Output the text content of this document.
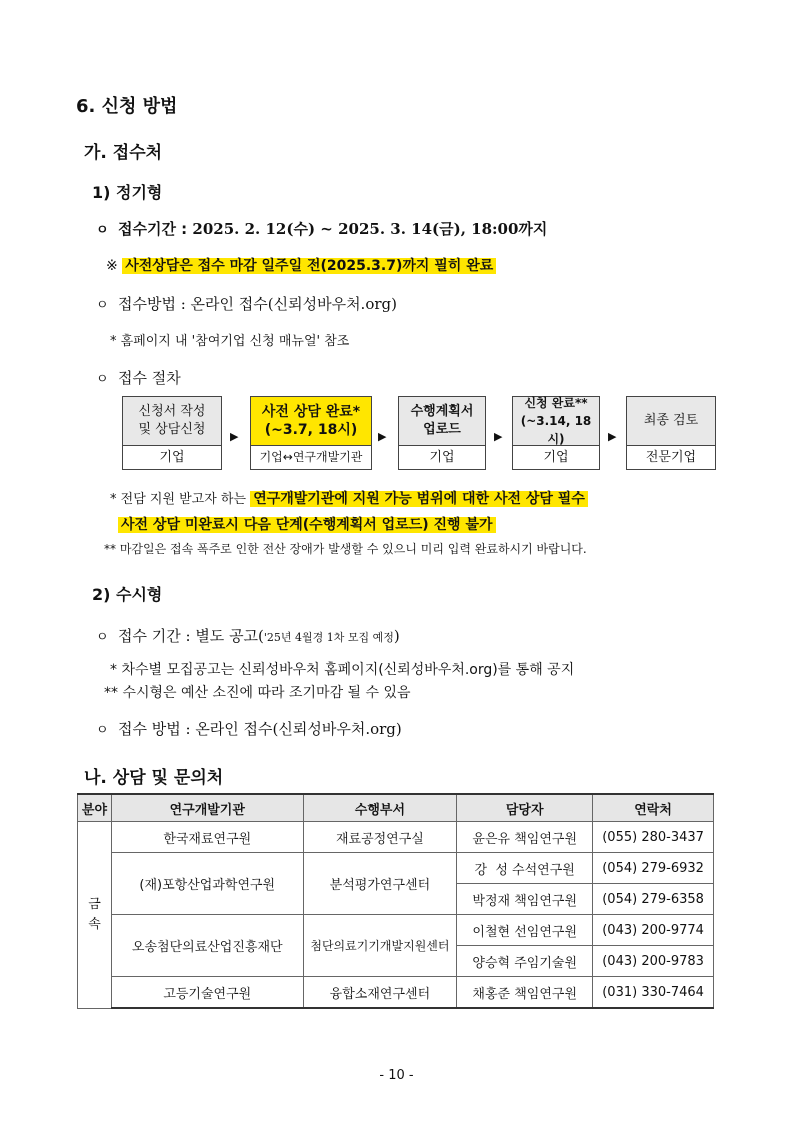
6. 신청 방법
가. 접수처
1) 정기형
ㅇ 접수기간 : 2025. 2. 12(수) ~ 2025. 3. 14(금), 18:00까지
※ 사전상담은 접수 마감 일주일 전(2025.3.7)까지 필히 완료
ㅇ 접수방법 : 온라인 접수(신뢰성바우처.org)
* 홈페이지 내 '참여기업 신청 매뉴얼' 참조
ㅇ 접수 절차
신청서 작성
및 상담신청
기업
▶
사전 상담 완료*
(~3.7, 18시)
기업↔연구개발기관
▶
수행계획서
업로드
기업
▶
신청 완료**
(~3.14, 18시)
기업
▶
최종 검토
전문기업
* 전담 지원 받고자 하는 연구개발기관에 지원 가능 범위에 대한 사전 상담 필수
사전 상담 미완료시 다음 단계(수행계획서 업로드) 진행 불가
** 마감일은 접속 폭주로 인한 전산 장애가 발생할 수 있으니 미리 입력 완료하시기 바랍니다.
2) 수시형
ㅇ 접수 기간 : 별도 공고('25년 4월경 1차 모집 예정)
* 차수별 모집공고는 신뢰성바우처 홈페이지(신뢰성바우처.org)를 통해 공지
** 수시형은 예산 소진에 따라 조기마감 될 수 있음
ㅇ 접수 방법 : 온라인 접수(신뢰성바우처.org)
나. 상담 및 문의처
분야	연구개발기관	수행부서	담당자	연락처
금
속	한국재료연구원	재료공정연구실	윤은유 책임연구원	(055) 280-3437
	(재)포항산업과학연구원	분석평가연구센터	강  성 수석연구원	(054) 279-6932
			박정재 책임연구원	(054) 279-6358
	오송첨단의료산업진흥재단	첨단의료기기개발지원센터	이철현 선임연구원	(043) 200-9774
			양승혁 주임기술원	(043) 200-9783
	고등기술연구원	융합소재연구센터	채홍준 책임연구원	(031) 330-7464
- 10 -
